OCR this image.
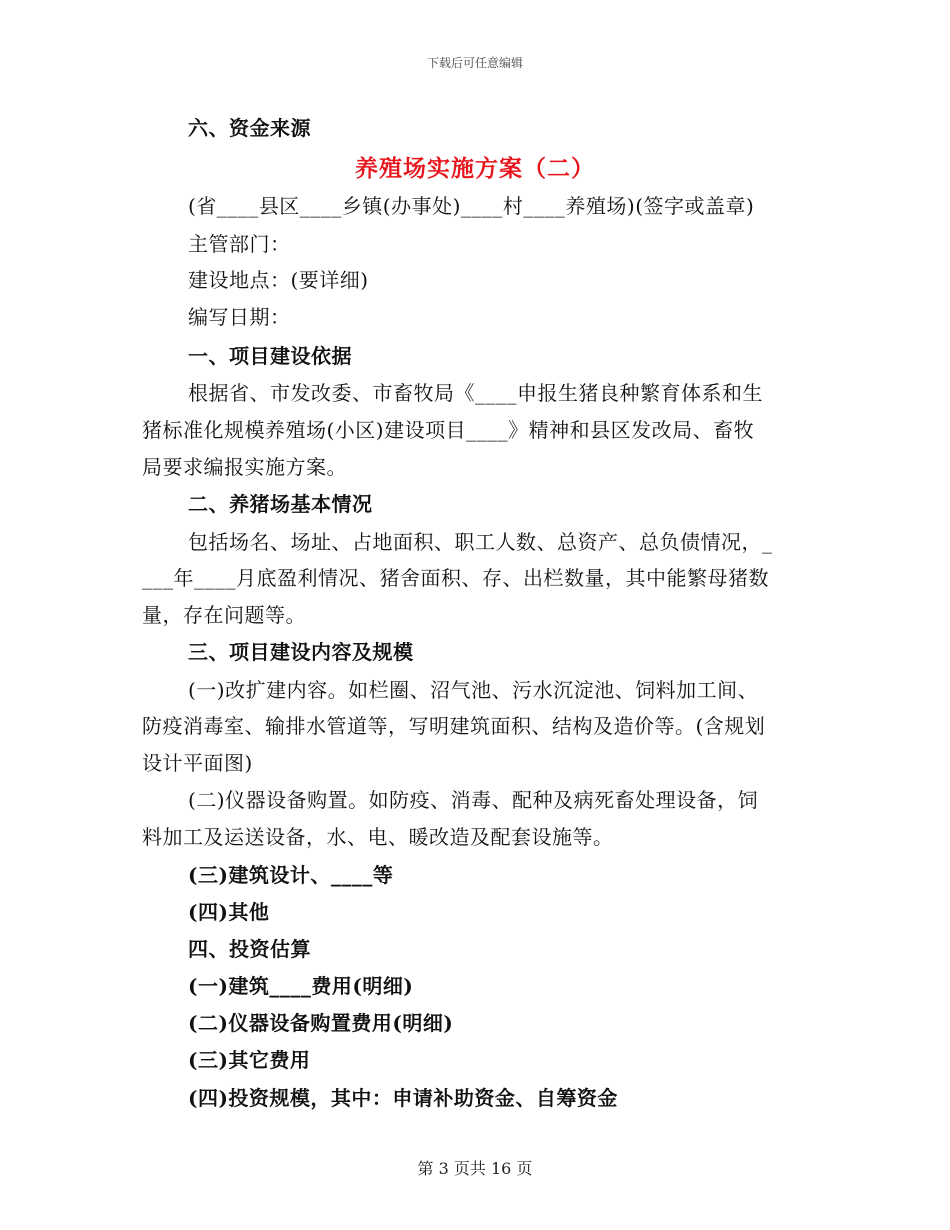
下载后可任意编辑
六、资金来源
养殖场实施方案（二）
(省____县区____乡镇(办事处)____村____养殖场)(签字或盖章)
主管部门：
建设地点：(要详细)
编写日期：
一、项目建设依据
根据省、市发改委、市畜牧局《____申报生猪良种繁育体系和生
猪标准化规模养殖场(小区)建设项目____》精神和县区发改局、畜牧
局要求编报实施方案。
二、养猪场基本情况
包括场名、场址、占地面积、职工人数、总资产、总负债情况，_
___年____月底盈利情况、猪舍面积、存、出栏数量，其中能繁母猪数
量，存在问题等。
三、项目建设内容及规模
(一)改扩建内容。如栏圈、沼气池、污水沉淀池、饲料加工间、
防疫消毒室、输排水管道等，写明建筑面积、结构及造价等。(含规划
设计平面图)
(二)仪器设备购置。如防疫、消毒、配种及病死畜处理设备，饲
料加工及运送设备，水、电、暖改造及配套设施等。
(三)建筑设计、____等
(四)其他
四、投资估算
(一)建筑____费用(明细)
(二)仪器设备购置费用(明细)
(三)其它费用
(四)投资规模，其中：申请补助资金、自筹资金
第 3 页共 16 页
